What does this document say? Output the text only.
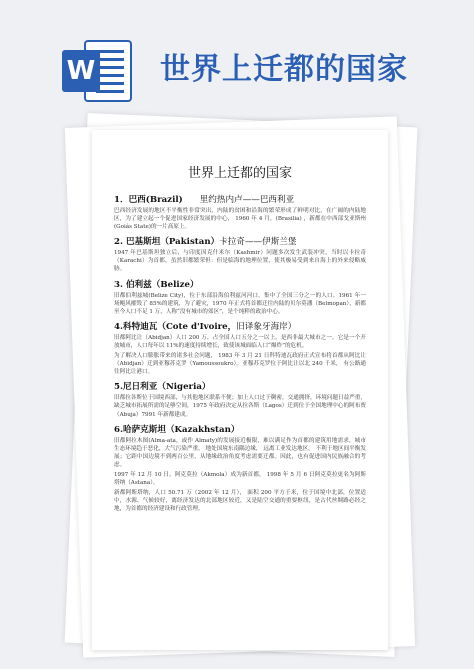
W 世界上迁都的国家
世界上迁都的国家
1．巴西(Brazil) 里约热内卢——巴西利亚

巴西经济发展的地区不平衡性非常突出，内陆的贫困和沿海的繁荣形成了鲜明对比，在广阔的内陆地区，为了建立起一个促进国家经济发展的中心， 1960 年 4 月，(Brasilia) ，新都在中西部戈亚斯州(Goiás State)的一片高原上。

2. 巴基斯坦（Pakistan）卡拉奇——伊斯兰堡

1947 年巴基斯坦独立后，与印度因克什米尔（Kashmir）问题多次发生武装冲突，当时以卡拉奇（Karachi）为首都，虽然旧都繁荣但：但是临海的地理位置，使其极易受到来自海上的外来侵略威胁。

3. 伯利兹（Belize）

旧都伯利兹城(Belize City)，位于东部沿海伯利兹河河口，集中了全国三分之一的人口。1961 年一场飓风摧毁了 85%的建筑，为了避灾，1970 年正式将首都迁往内陆的贝尔莫潘（Belmopan），新都至今人口不足 1 万，人称“没有城市的郊区”，是个纯粹的政治中心。

4.科特迪瓦（Cote d'Ivoire，旧译象牙海岸）

旧都阿比让（Abidjan）人口 200 万，占全国人口五分之一以上，是西非最大城市之一，它是一个开放城市，人口每年以 11%的速度持续增长，致使该城面临人口“爆炸”的危机。

为了解决人口膨胀带来的诸多社会问题， 1983 年 3 月 21 日科特迪瓦政府正式宣布将首都从阿比让（Abidjan）迁到亚穆苏克罗（Yamoussoukro）。亚穆苏克罗位于阿比让以北 240 千米， 有公路通往阿比让港口。

5.尼日利亚（Nigeria）

旧都拉各斯位于国境西部，与其他地区联系不便；加上人口过于稠密，交通拥挤，环境问题日益严重，缺乏城市拓展所需的足够空间，1975 年政府决定从拉各斯（Lagos）迁到位于全国地理中心的阿布贾（Abuja）7991 年新都建成。

6.哈萨克斯坦（Kazakhstan）

旧都阿拉木图(Alma-ata，或作 Almaty)的发展接近极限，难以满足作为首都的建筑用地需求，城市生态环境趋于恶化，大气污染严重， 地处国境东南隅边缘， 远离工业发达地区， 不利于地区间平衡发展；它距中国边境不到两百公里，从地缘政治角度考虑需要迁都。因此，也有促进国内民族融合的考虑。

1997 年 12 月 10 日，阿克莫拉（Akmola）成为新首都， 1998 年 5 月 6 日阿克莫拉更名为阿斯塔纳（Astana）。

新都阿斯塔纳，人口 50.71 万（2002 年 12 月）， 面积 200 平方千米，位于国境中北部，位置适中，水源、气候较好，离经济发达的北部地区较近，又是陆空交通的重要枢纽，是古代丝绸路必经之地，为首都的经济建设和行政管理。
